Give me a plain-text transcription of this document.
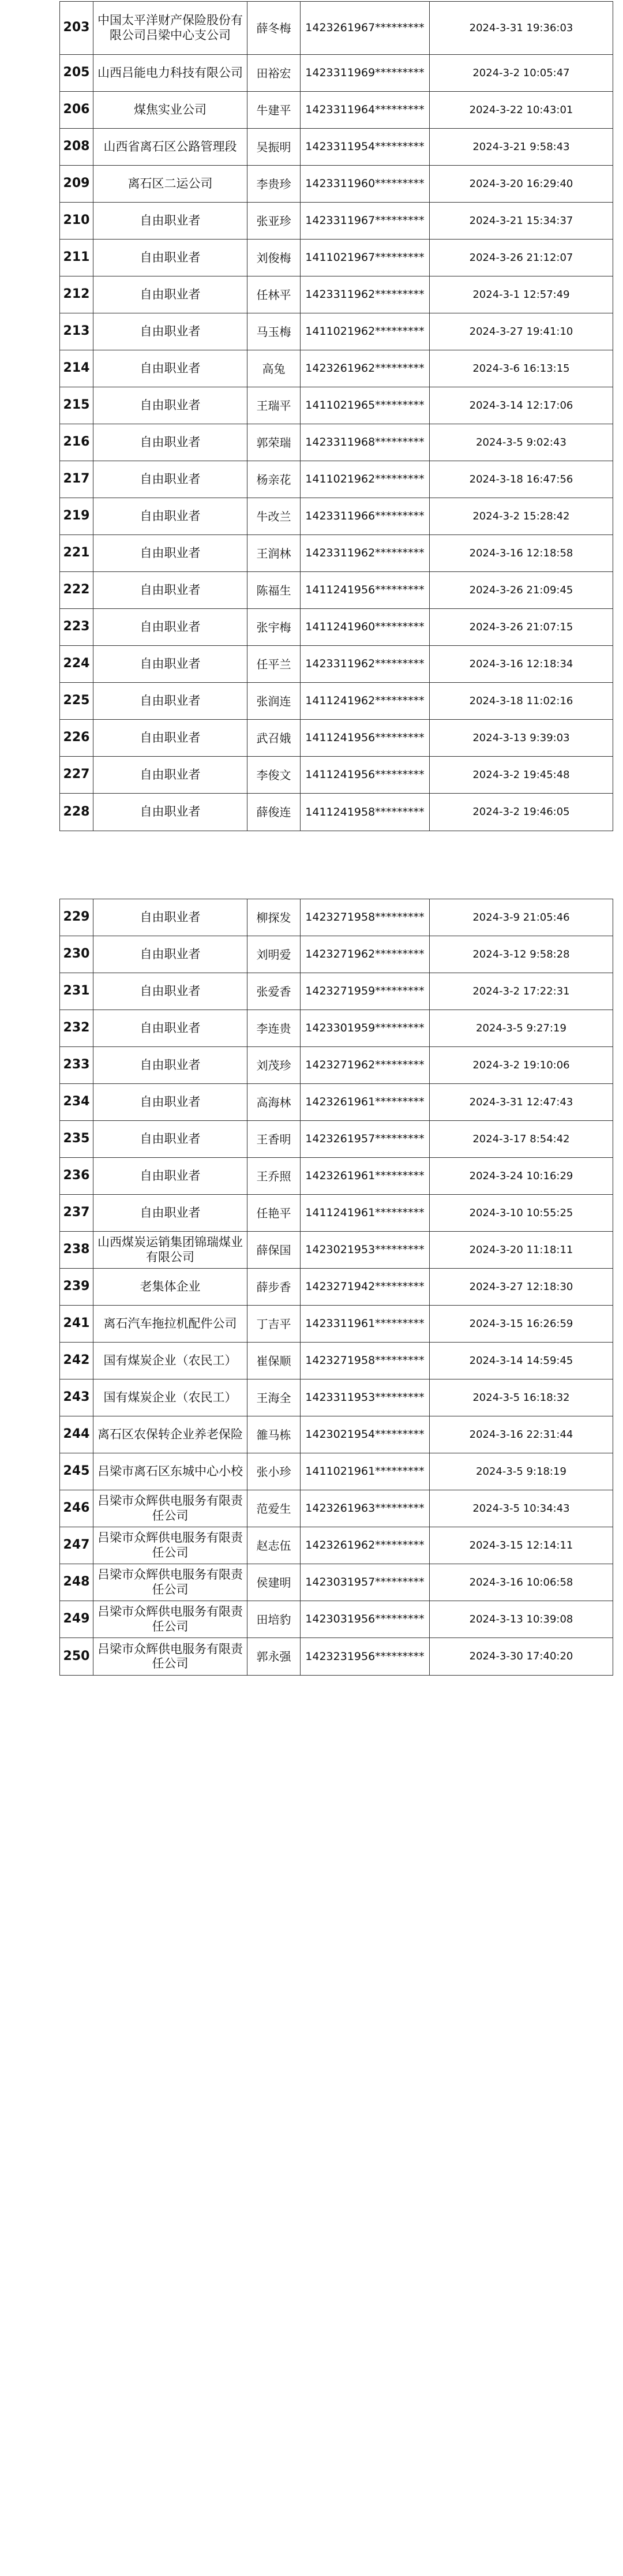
203 中国太平洋财产保险股份有限公司吕梁中心支公司	薛冬梅	1423261967*********	2024-3-31 19:36:03
205 山西吕能电力科技有限公司	田裕宏	1423311969*********	2024-3-2 10:05:47
206	煤焦实业公司	牛建平	1423311964*********	2024-3-22 10:43:01
208	山西省离石区公路管理段	吴振明	1423311954*********	2024-3-21 9:58:43
209	离石区二运公司	李贵珍	1423311960*********	2024-3-20 16:29:40
210	自由职业者	张亚珍	1423311967*********	2024-3-21 15:34:37
211	自由职业者	刘俊梅	1411021967*********	2024-3-26 21:12:07
212	自由职业者	任林平	1423311962*********	2024-3-1 12:57:49
213	自由职业者	马玉梅	1411021962*********	2024-3-27 19:41:10
214	自由职业者	高兔	1423261962*********	2024-3-6 16:13:15
215	自由职业者	王瑞平	1411021965*********	2024-3-14 12:17:06
216	自由职业者	郭荣瑞	1423311968*********	2024-3-5 9:02:43
217	自由职业者	杨亲花	1411021962*********	2024-3-18 16:47:56
219	自由职业者	牛改兰	1423311966*********	2024-3-2 15:28:42
221	自由职业者	王润林	1423311962*********	2024-3-16 12:18:58
222	自由职业者	陈福生	1411241956*********	2024-3-26 21:09:45
223	自由职业者	张宇梅	1411241960*********	2024-3-26 21:07:15
224	自由职业者	任平兰	1423311962*********	2024-3-16 12:18:34
225	自由职业者	张润连	1411241962*********	2024-3-18 11:02:16
226	自由职业者	武召娥	1411241956*********	2024-3-13 9:39:03
227	自由职业者	李俊文	1411241956*********	2024-3-2 19:45:48
228	自由职业者	薛俊连	1411241958*********	2024-3-2 19:46:05
229	自由职业者	柳探发	1423271958*********	2024-3-9 21:05:46
230	自由职业者	刘明爱	1423271962*********	2024-3-12 9:58:28
231	自由职业者	张爱香	1423271959*********	2024-3-2 17:22:31
232	自由职业者	李连贵	1423301959*********	2024-3-5 9:27:19
233	自由职业者	刘茂珍	1423271962*********	2024-3-2 19:10:06
234	自由职业者	高海林	1423261961*********	2024-3-31 12:47:43
235	自由职业者	王香明	1423261957*********	2024-3-17 8:54:42
236	自由职业者	王乔照	1423261961*********	2024-3-24 10:16:29
237	自由职业者	任艳平	1411241961*********	2024-3-10 10:55:25
238 山西煤炭运销集团锦瑞煤业有限公司	薛保国	1423021953*********	2024-3-20 11:18:11
239	老集体企业	薛步香	1423271942*********	2024-3-27 12:18:30
241	离石汽车拖拉机配件公司	丁吉平	1423311961*********	2024-3-15 16:26:59
242	国有煤炭企业（农民工）	崔保顺	1423271958*********	2024-3-14 14:59:45
243	国有煤炭企业（农民工）	王海全	1423311953*********	2024-3-5 16:18:32
244 离石区农保转企业养老保险	雒马栋	1423021954*********	2024-3-16 22:31:44
245 吕梁市离石区东城中心小校	张小珍	1411021961*********	2024-3-5 9:18:19
246 吕梁市众辉供电服务有限责任公司	范爱生	1423261963*********	2024-3-5 10:34:43
247 吕梁市众辉供电服务有限责任公司	赵志伍	1423261962*********	2024-3-15 12:14:11
248 吕梁市众辉供电服务有限责任公司	侯建明	1423031957*********	2024-3-16 10:06:58
249 吕梁市众辉供电服务有限责任公司	田培豹	1423031956*********	2024-3-13 10:39:08
250 吕梁市众辉供电服务有限责任公司	郭永强	1423231956*********	2024-3-30 17:40:20
